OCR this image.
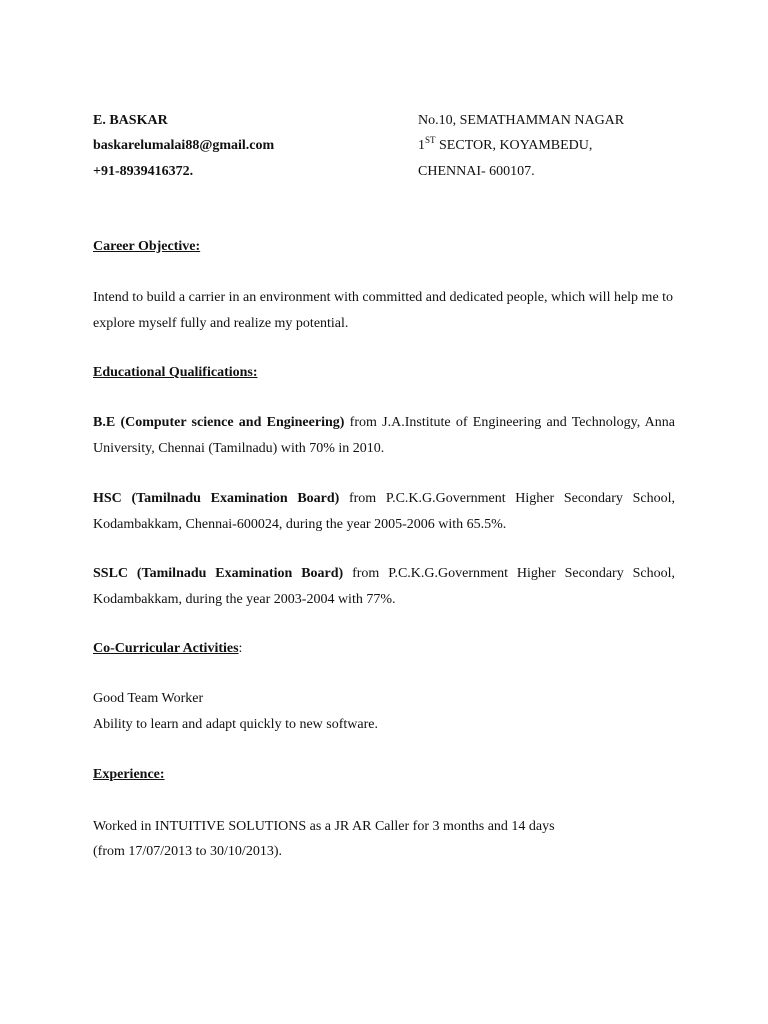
E. BASKAR
baskarelumalai88@gmail.com
+91-8939416372.
No.10, SEMATHAMMAN NAGAR
1ST SECTOR, KOYAMBEDU,
CHENNAI- 600107.
Career Objective:
Intend to build a carrier in an environment with committed and dedicated people, which will help me to explore myself fully and realize my potential.
Educational Qualifications:
B.E (Computer science and Engineering) from J.A.Institute of Engineering and Technology, Anna University, Chennai (Tamilnadu) with 70% in 2010.
HSC (Tamilnadu Examination Board) from P.C.K.G.Government Higher Secondary School, Kodambakkam, Chennai-600024, during the year 2005-2006 with 65.5%.
SSLC (Tamilnadu Examination Board) from P.C.K.G.Government Higher Secondary School, Kodambakkam, during the year 2003-2004 with 77%.
Co-Curricular Activities:
Good Team Worker
Ability to learn and adapt quickly to new software.
Experience:
Worked in INTUITIVE SOLUTIONS as a JR AR Caller for 3 months and 14 days
(from 17/07/2013 to 30/10/2013).
